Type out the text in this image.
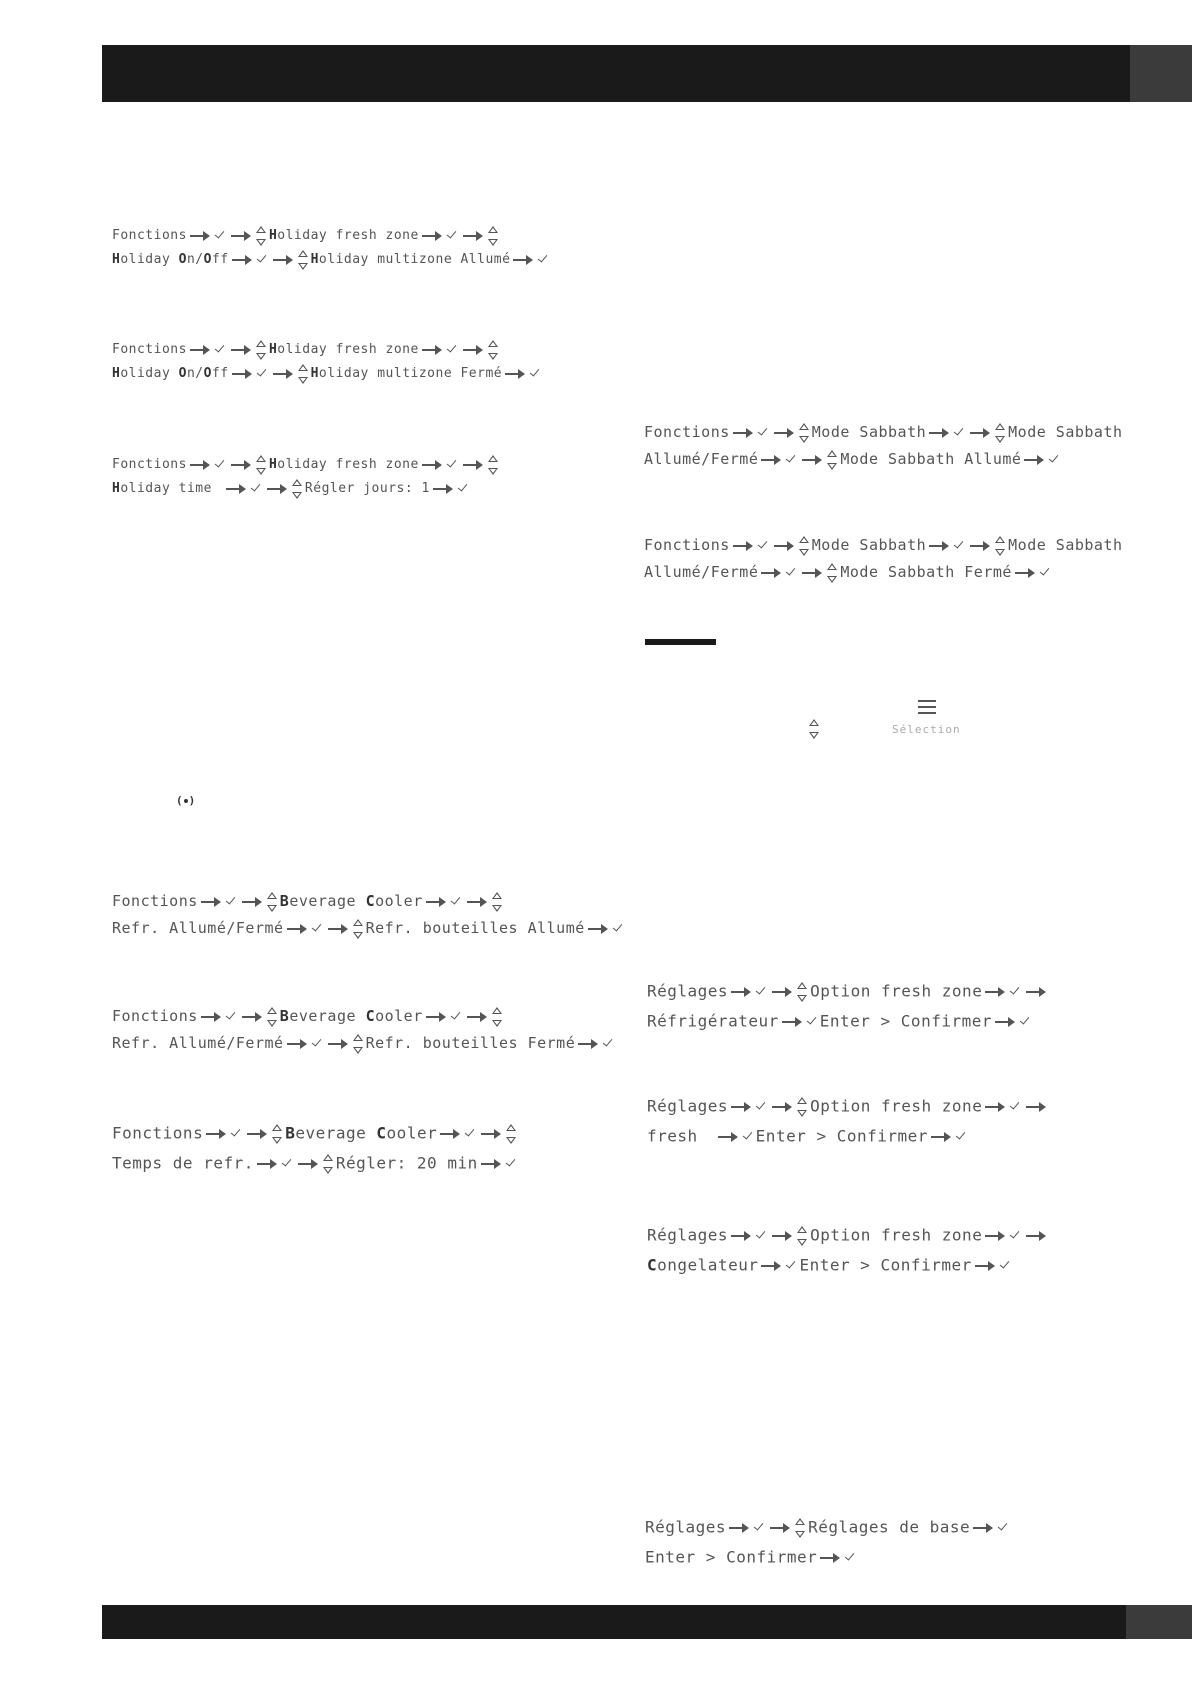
Fonctions	Holiday fresh zone
Holiday On/Off	Holiday multizone Allumé
Fonctions	Holiday fresh zone
Holiday On/Off	Holiday multizone Fermé
Fonctions	Holiday fresh zone
Holiday time	Régler jours: 1
( )
Fonctions	Beverage Cooler
Refr. Allumé/Fermé	Refr. bouteilles Allumé
Fonctions	Beverage Cooler
Refr. Allumé/Fermé	Refr. bouteilles Fermé
Fonctions	Beverage Cooler
Temps de refr.	Régler: 20 min
Fonctions	Mode Sabbath	Mode Sabbath
Allumé/Fermé	Mode Sabbath Allumé
Fonctions	Mode Sabbath	Mode Sabbath
Allumé/Fermé	Mode Sabbath Fermé
Sélection
Réglages	Option fresh zone
Réfrigérateur	Enter > Confirmer
Réglages	Option fresh zone
fresh	Enter > Confirmer
Réglages	Option fresh zone
Congelateur	Enter > Confirmer
Réglages	Réglages de base
Enter > Confirmer
